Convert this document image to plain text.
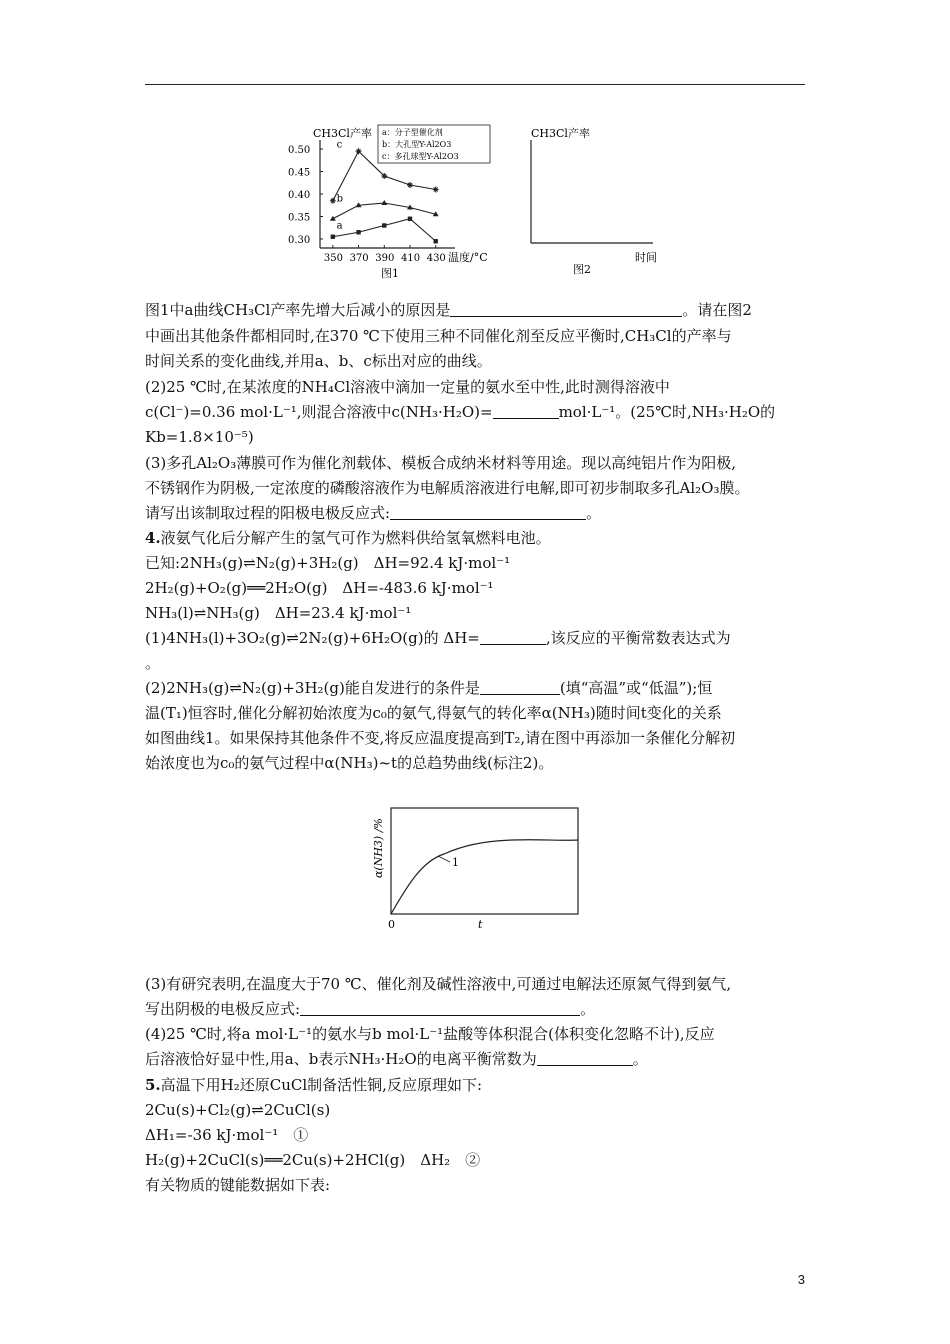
CH3Cl产率
0.30
0.35
0.40
0.45
0.50
350 370 390 410 430 温度/°C
图1
a：分子型催化剂
b：大孔型Y-Al2O3
c：多孔球型Y-Al2O3
a
b
c
CH3Cl产率
时间
图2
图1中a曲线CH₃Cl产率先增大后减小的原因是	。请在图2
中画出其他条件都相同时,在370 ℃下使用三种不同催化剂至反应平衡时,CH₃Cl的产率与
时间关系的变化曲线,并用a、b、c标出对应的曲线。
(2)25 ℃时,在某浓度的NH₄Cl溶液中滴加一定量的氨水至中性,此时测得溶液中
c(Cl⁻)=0.36 mol·L⁻¹,则混合溶液中c(NH₃·H₂O)=	mol·L⁻¹。(25℃时,NH₃·H₂O的
Kb=1.8×10⁻⁵)
(3)多孔Al₂O₃薄膜可作为催化剂载体、模板合成纳米材料等用途。现以高纯铝片作为阳极,
不锈钢作为阴极,一定浓度的磷酸溶液作为电解质溶液进行电解,即可初步制取多孔Al₂O₃膜。
请写出该制取过程的阳极电极反应式:	。
4.液氨气化后分解产生的氢气可作为燃料供给氢氧燃料电池。
已知:2NH₃(g)⇌N₂(g)+3H₂(g)　ΔH=92.4 kJ·mol⁻¹
2H₂(g)+O₂(g)══2H₂O(g)　ΔH=-483.6 kJ·mol⁻¹
NH₃(l)⇌NH₃(g)　ΔH=23.4 kJ·mol⁻¹
(1)4NH₃(l)+3O₂(g)⇌2N₂(g)+6H₂O(g)的 ΔH=	,该反应的平衡常数表达式为
。
(2)2NH₃(g)⇌N₂(g)+3H₂(g)能自发进行的条件是	(填“高温”或“低温”);恒
温(T₁)恒容时,催化分解初始浓度为c₀的氨气,得氨气的转化率α(NH₃)随时间t变化的关系
如图曲线1。如果保持其他条件不变,将反应温度提高到T₂,请在图中再添加一条催化分解初
始浓度也为c₀的氨气过程中α(NH₃)~t的总趋势曲线(标注2)。
α(NH3) /%
0	t
1
(3)有研究表明,在温度大于70 ℃、催化剂及碱性溶液中,可通过电解法还原氮气得到氨气,
写出阴极的电极反应式:	。
(4)25 ℃时,将a mol·L⁻¹的氨水与b mol·L⁻¹盐酸等体积混合(体积变化忽略不计),反应
后溶液恰好显中性,用a、b表示NH₃·H₂O的电离平衡常数为	。
5.高温下用H₂还原CuCl制备活性铜,反应原理如下:
2Cu(s)+Cl₂(g)⇌2CuCl(s)
ΔH₁=-36 kJ·mol⁻¹　①
H₂(g)+2CuCl(s)══2Cu(s)+2HCl(g)　ΔH₂　②
有关物质的键能数据如下表:
3
